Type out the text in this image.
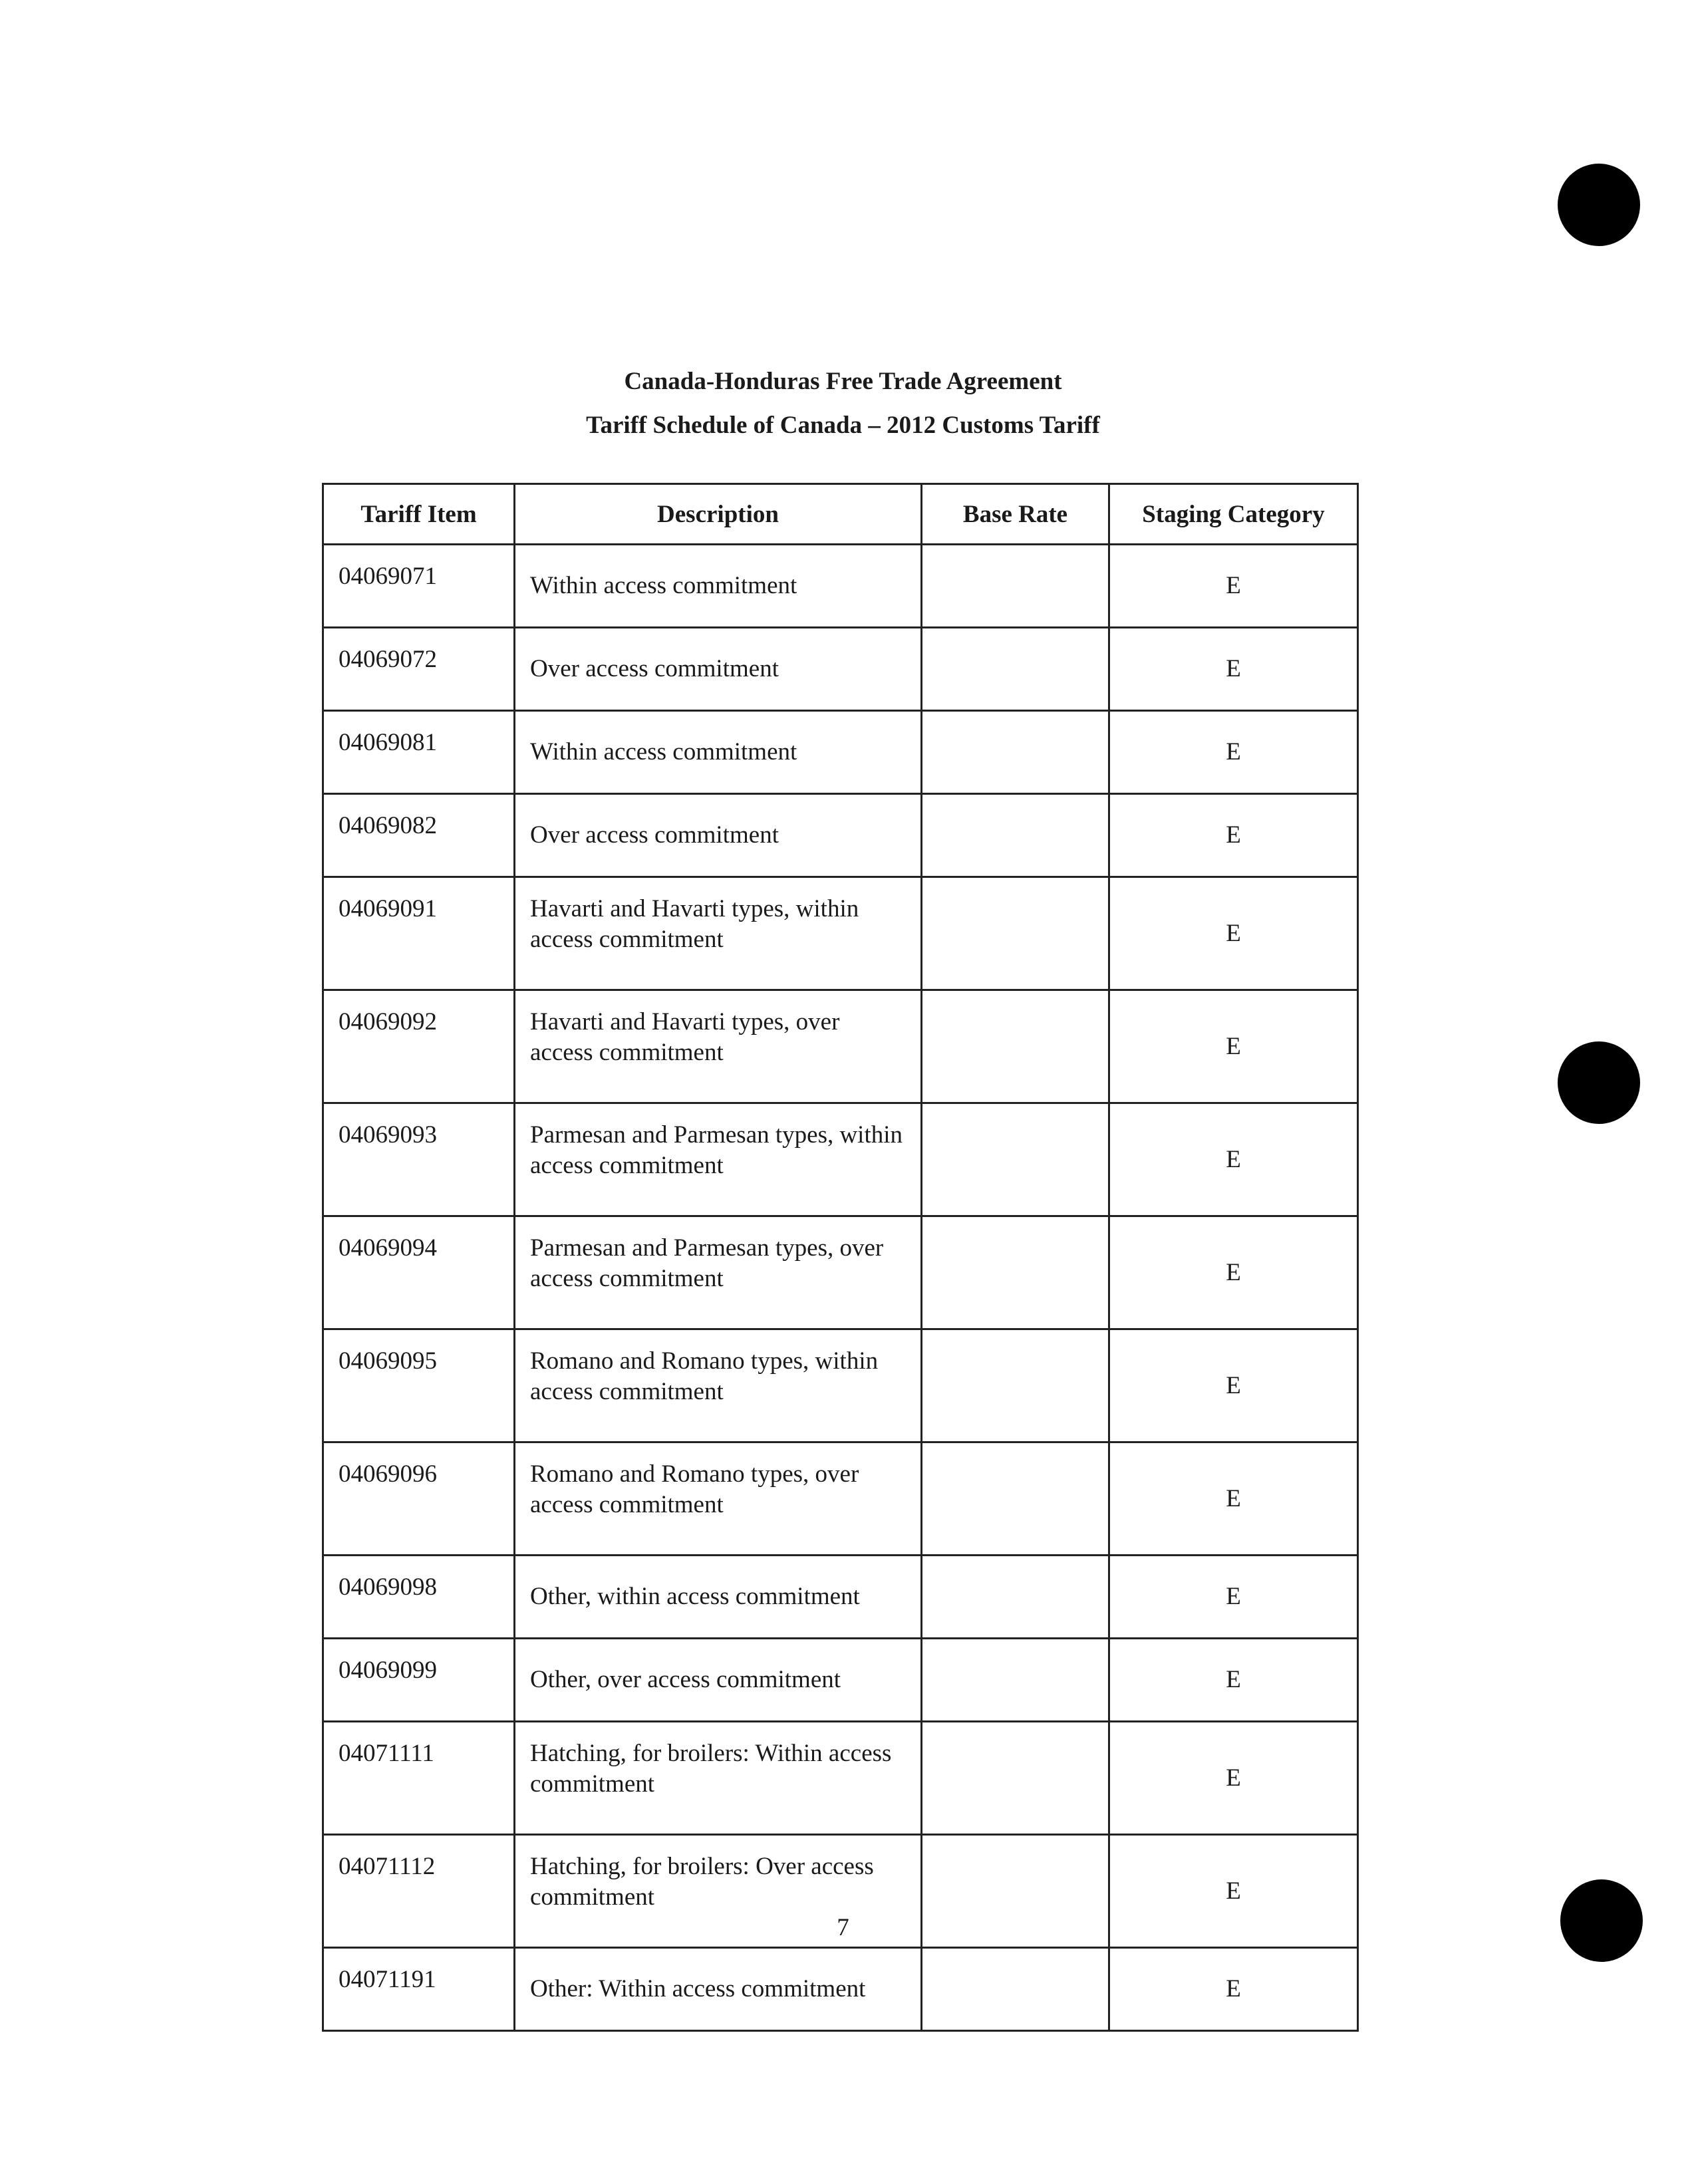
Canada-Honduras Free Trade Agreement
Tariff Schedule of Canada – 2012 Customs Tariff
Tariff Item	Description	Base Rate	Staging Category
04069071	Within access commitment		E
04069072	Over access commitment		E
04069081	Within access commitment		E
04069082	Over access commitment		E
04069091	Havarti and Havarti types, within access commitment		E
04069092	Havarti and Havarti types, over access commitment		E
04069093	Parmesan and Parmesan types, within access commitment		E
04069094	Parmesan and Parmesan types, over access commitment		E
04069095	Romano and Romano types, within access commitment		E
04069096	Romano and Romano types, over access commitment		E
04069098	Other, within access commitment		E
04069099	Other, over access commitment		E
04071111	Hatching, for broilers: Within access commitment		E
04071112	Hatching, for broilers: Over access commitment		E
04071191	Other: Within access commitment		E
7
